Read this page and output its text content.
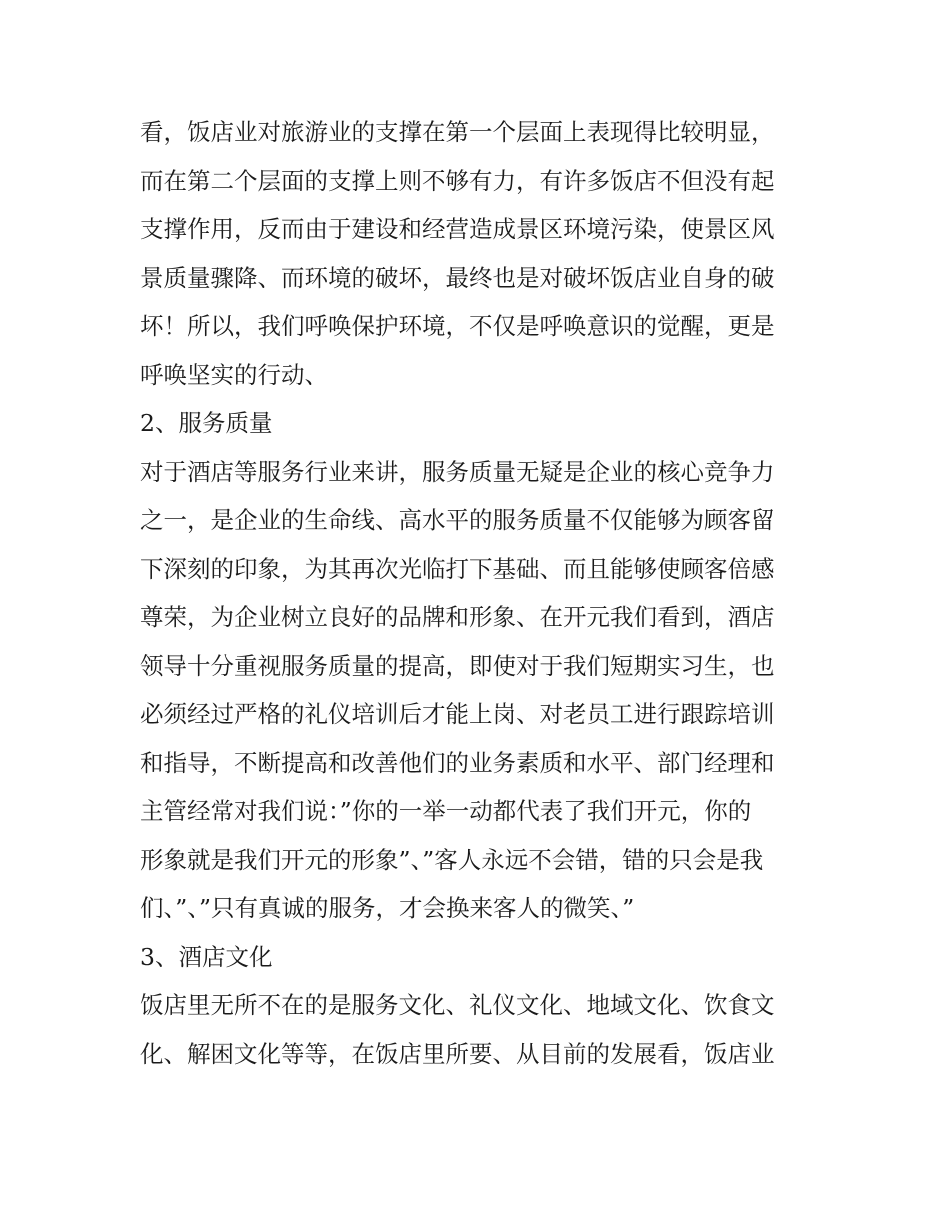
看，饭店业对旅游业的支撑在第一个层面上表现得比较明显，
而在第二个层面的支撑上则不够有力，有许多饭店不但没有起
支撑作用，反而由于建设和经营造成景区环境污染，使景区风
景质量骤降、而环境的破坏，最终也是对破坏饭店业自身的破
坏！所以，我们呼唤保护环境，不仅是呼唤意识的觉醒，更是
呼唤坚实的行动、
2、服务质量
对于酒店等服务行业来讲，服务质量无疑是企业的核心竞争力
之一，是企业的生命线、高水平的服务质量不仅能够为顾客留
下深刻的印象，为其再次光临打下基础、而且能够使顾客倍感
尊荣，为企业树立良好的品牌和形象、在开元我们看到，酒店
领导十分重视服务质量的提高，即使对于我们短期实习生，也
必须经过严格的礼仪培训后才能上岗、对老员工进行跟踪培训
和指导，不断提高和改善他们的业务素质和水平、部门经理和
主管经常对我们说：”你的一举一动都代表了我们开元，你的
形象就是我们开元的形象”、”客人永远不会错，错的只会是我
们、”、”只有真诚的服务，才会换来客人的微笑、”
3、酒店文化
饭店里无所不在的是服务文化、礼仪文化、地域文化、饮食文
化、解困文化等等，在饭店里所要、从目前的发展看，饭店业
